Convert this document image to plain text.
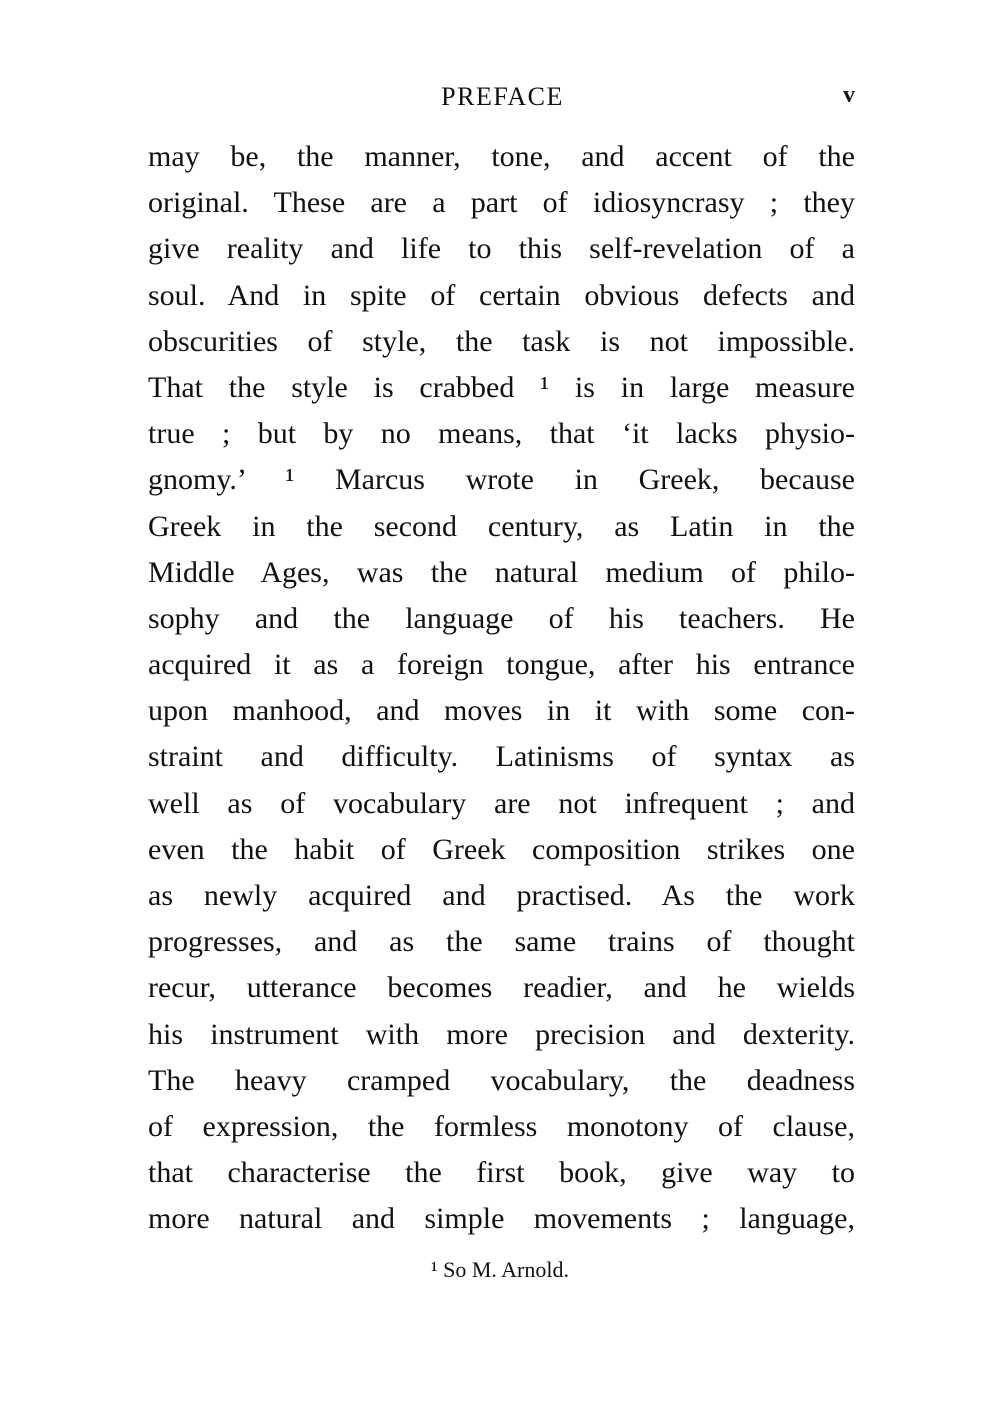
PREFACE	v
may be, the manner, tone, and accent of the
original. These are a part of idiosyncrasy ; they
give reality and life to this self-revelation of a
soul. And in spite of certain obvious defects and
obscurities of style, the task is not impossible.
That the style is crabbed ¹ is in large measure
true ; but by no means, that ‘it lacks physio-
gnomy.’ ¹ Marcus wrote in Greek, because
Greek in the second century, as Latin in the
Middle Ages, was the natural medium of philo-
sophy and the language of his teachers. He
acquired it as a foreign tongue, after his entrance
upon manhood, and moves in it with some con-
straint and difficulty. Latinisms of syntax as
well as of vocabulary are not infrequent ; and
even the habit of Greek composition strikes one
as newly acquired and practised. As the work
progresses, and as the same trains of thought
recur, utterance becomes readier, and he wields
his instrument with more precision and dexterity.
The heavy cramped vocabulary, the deadness
of expression, the formless monotony of clause,
that characterise the first book, give way to
more natural and simple movements ; language,
¹ So M. Arnold.
